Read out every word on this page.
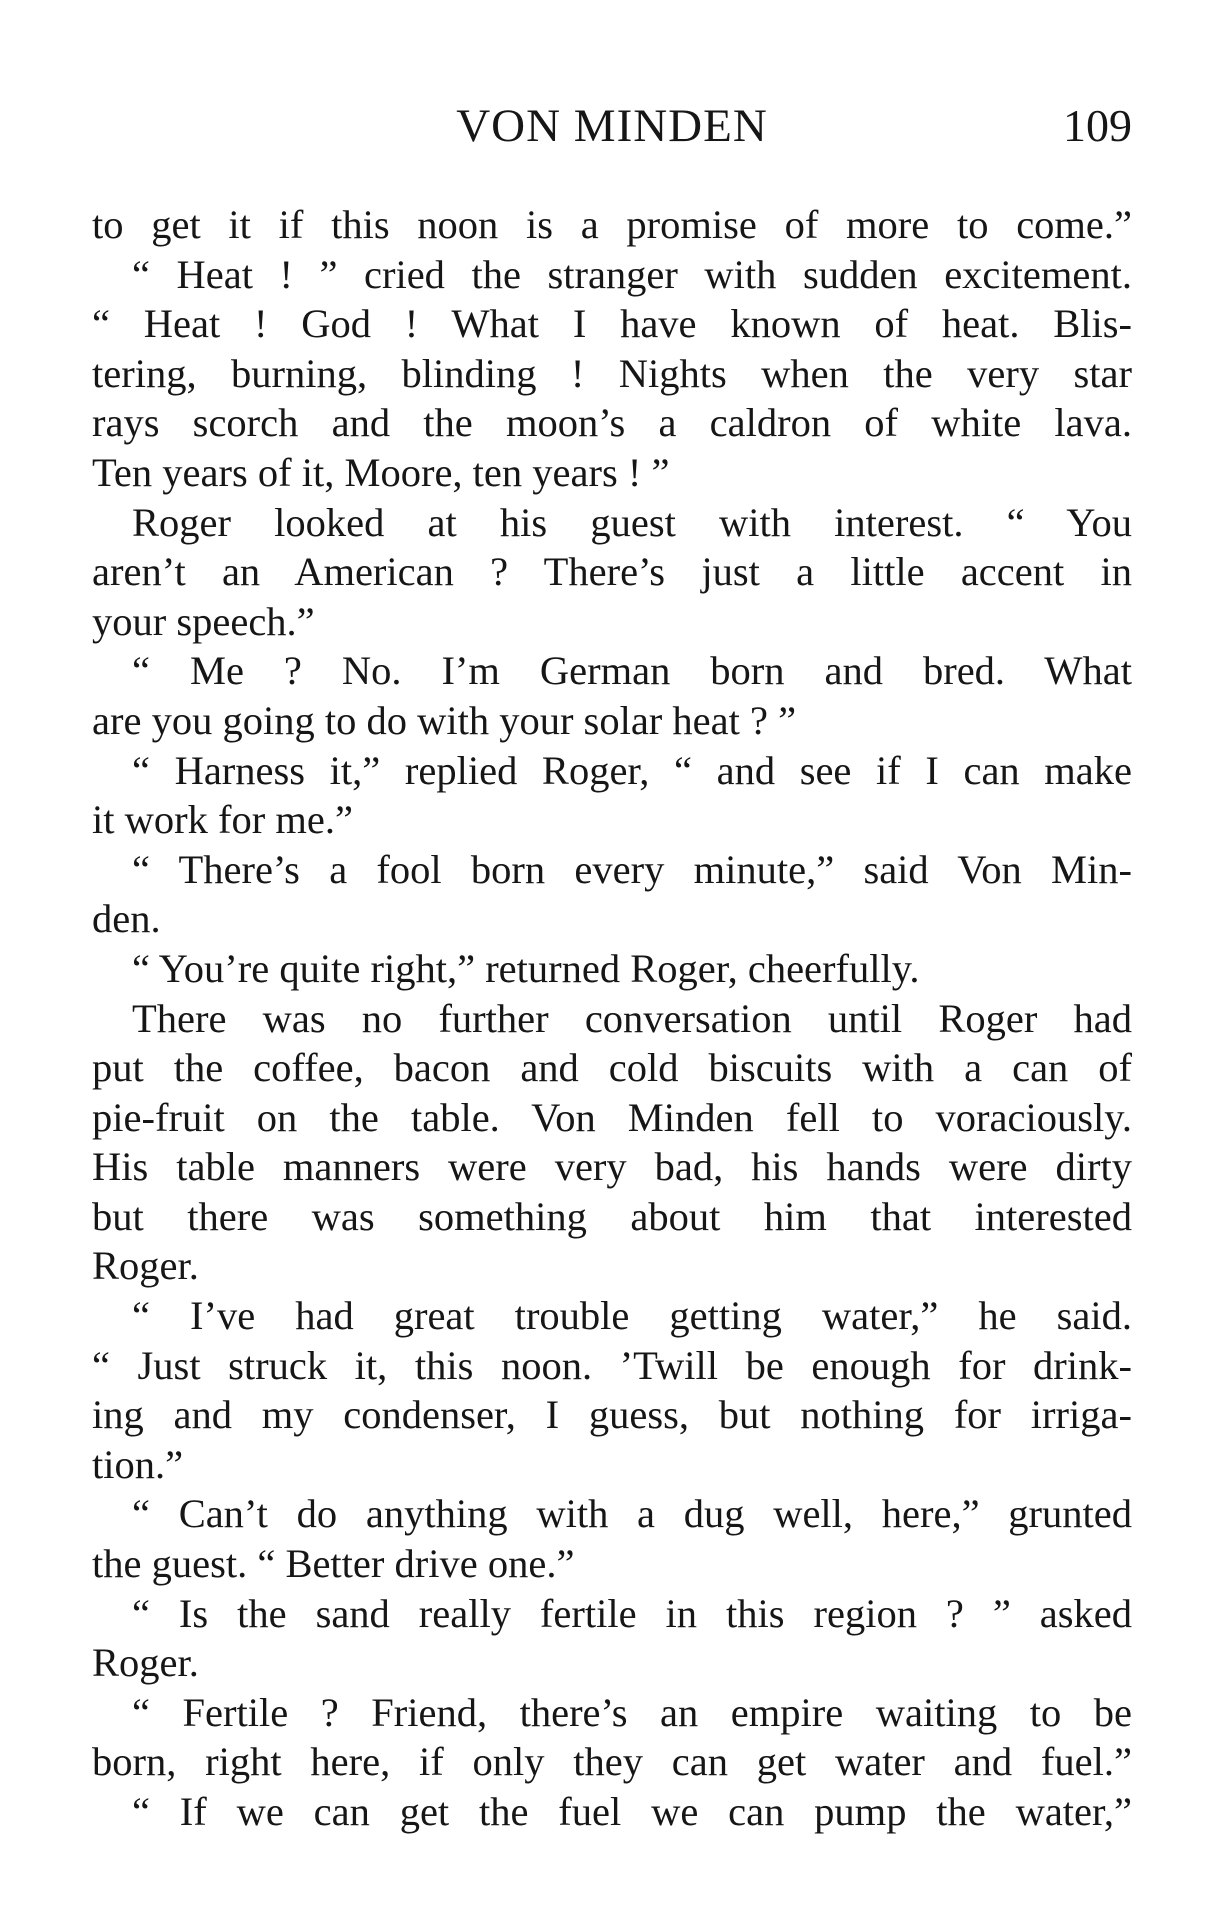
VON MINDEN	109
to get it if this noon is a promise of more to come.”
“ Heat ! ” cried the stranger with sudden excitement.
“ Heat ! God ! What I have known of heat. Blis-
tering, burning, blinding ! Nights when the very star
rays scorch and the moon’s a caldron of white lava.
Ten years of it, Moore, ten years ! ”
Roger looked at his guest with interest. “ You
aren’t an American ? There’s just a little accent in
your speech.”
“ Me ? No. I’m German born and bred. What
are you going to do with your solar heat ? ”
“ Harness it,” replied Roger, “ and see if I can make
it work for me.”
“ There’s a fool born every minute,” said Von Min-
den.
“ You’re quite right,” returned Roger, cheerfully.
There was no further conversation until Roger had
put the coffee, bacon and cold biscuits with a can of
pie-fruit on the table. Von Minden fell to voraciously.
His table manners were very bad, his hands were dirty
but there was something about him that interested
Roger.
“ I’ve had great trouble getting water,” he said.
“ Just struck it, this noon. ’Twill be enough for drink-
ing and my condenser, I guess, but nothing for irriga-
tion.”
“ Can’t do anything with a dug well, here,” grunted
the guest. “ Better drive one.”
“ Is the sand really fertile in this region ? ” asked
Roger.
“ Fertile ? Friend, there’s an empire waiting to be
born, right here, if only they can get water and fuel.”
“ If we can get the fuel we can pump the water,”
